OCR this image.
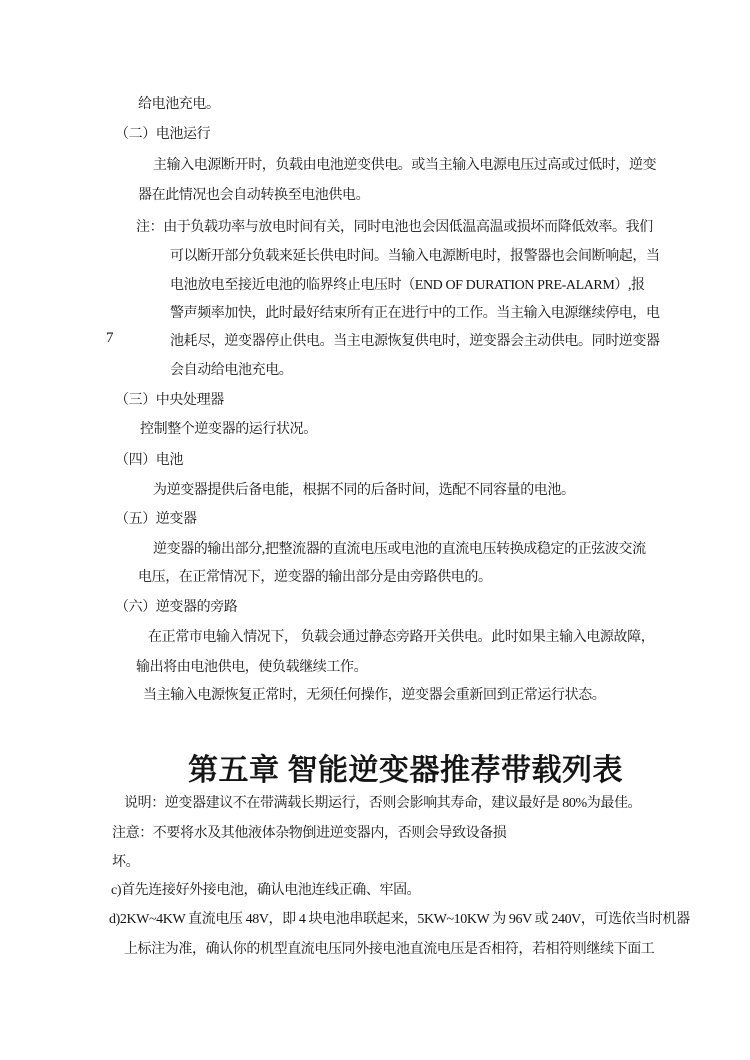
7
给电池充电。
（二）电池运行
主输入电源断开时，负载由电池逆变供电。或当主输入电源电压过高或过低时，逆变
器在此情况也会自动转换至电池供电。
注：由于负载功率与放电时间有关，同时电池也会因低温高温或损坏而降低效率。我们
可以断开部分负载来延长供电时间。当输入电源断电时，报警器也会间断响起，当
电池放电至接近电池的临界终止电压时（END OF DURATION PRE-ALARM）,报
警声频率加快，此时最好结束所有正在进行中的工作。当主输入电源继续停电，电
池耗尽，逆变器停止供电。当主电源恢复供电时，逆变器会主动供电。同时逆变器
会自动给电池充电。
（三）中央处理器
控制整个逆变器的运行状况。
（四）电池
为逆变器提供后备电能，根据不同的后备时间，选配不同容量的电池。
（五）逆变器
逆变器的输出部分,把整流器的直流电压或电池的直流电压转换成稳定的正弦波交流
电压，在正常情况下，逆变器的输出部分是由旁路供电的。
（六）逆变器的旁路
在正常市电输入情况下， 负载会通过静态旁路开关供电。此时如果主输入电源故障，
输出将由电池供电，使负载继续工作。
当主输入电源恢复正常时，无须任何操作，逆变器会重新回到正常运行状态。
第五章 智能逆变器推荐带载列表
说明：逆变器建议不在带满载长期运行，否则会影响其寿命，建议最好是 80%为最佳。
注意：不要将水及其他液体杂物倒进逆变器内，否则会导致设备损
坏。
c)首先连接好外接电池，确认电池连线正确、牢固。
d)2KW~4KW 直流电压 48V，即 4 块电池串联起来，5KW~10KW 为 96V 或 240V，可选依当时机器
上标注为准，确认你的机型直流电压同外接电池直流电压是否相符，若相符则继续下面工
